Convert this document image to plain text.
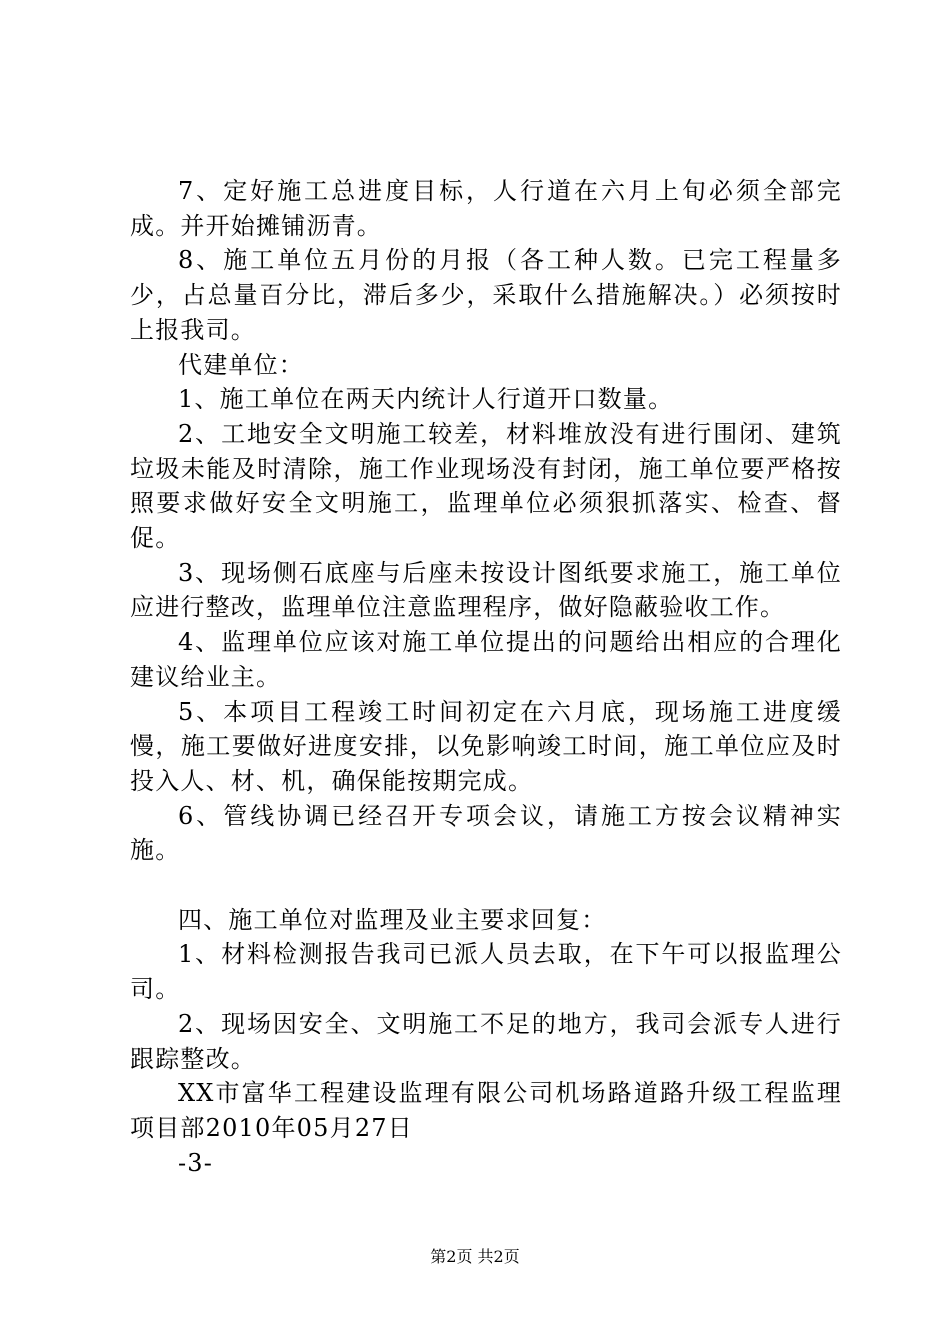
7、定好施工总进度目标，人行道在六月上旬必须全部完成。并开始摊铺沥青。

8、施工单位五月份的月报（各工种人数。已完工程量多少，占总量百分比，滞后多少，采取什么措施解决。）必须按时上报我司。

代建单位：

1、施工单位在两天内统计人行道开口数量。

2、工地安全文明施工较差，材料堆放没有进行围闭、建筑垃圾未能及时清除，施工作业现场没有封闭，施工单位要严格按照要求做好安全文明施工，监理单位必须狠抓落实、检查、督促。

3、现场侧石底座与后座未按设计图纸要求施工，施工单位应进行整改，监理单位注意监理程序，做好隐蔽验收工作。

4、监理单位应该对施工单位提出的问题给出相应的合理化建议给业主。

5、本项目工程竣工时间初定在六月底，现场施工进度缓慢，施工要做好进度安排，以免影响竣工时间，施工单位应及时投入人、材、机，确保能按期完成。

6、管线协调已经召开专项会议，请施工方按会议精神实施。

四、施工单位对监理及业主要求回复：

1、材料检测报告我司已派人员去取，在下午可以报监理公司。

2、现场因安全、文明施工不足的地方，我司会派专人进行跟踪整改。

XX市富华工程建设监理有限公司机场路道路升级工程监理项目部2010年05月27日

-3-

第2页 共2页
